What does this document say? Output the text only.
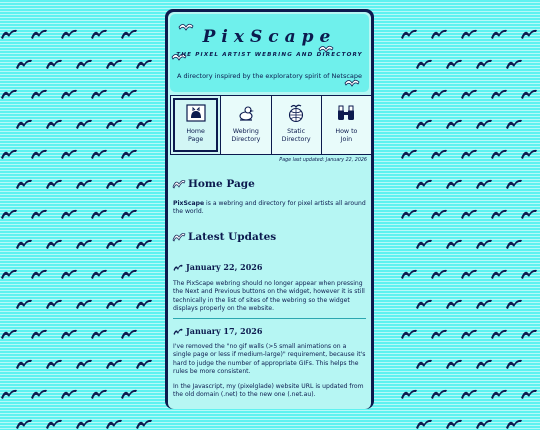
PixScape
THE PIXEL ARTIST WEBRING AND DIRECTORY
A directory inspired by the exploratory spirit of Netscape
Home
Page
Webring
Directory
Static
Directory
How to
Join
Page last updated: January 22, 2026
Home Page
PixScape is a webring and directory for pixel artists all around the world.
Latest Updates
January 22, 2026
The PixScape webring should no longer appear when pressing the Next and Previous buttons on the widget, however it is still technically in the list of sites of the webring so the widget displays properly on the website.
January 17, 2026
I've removed the "no gif walls (>5 small animations on a single page or less if medium-large)" requirement, because it's hard to judge the number of appropriate GIFs. This helps the rules be more consistent.
In the Javascript, my (pixelglade) website URL is updated from the old domain (.net) to the new one (.net.au).
